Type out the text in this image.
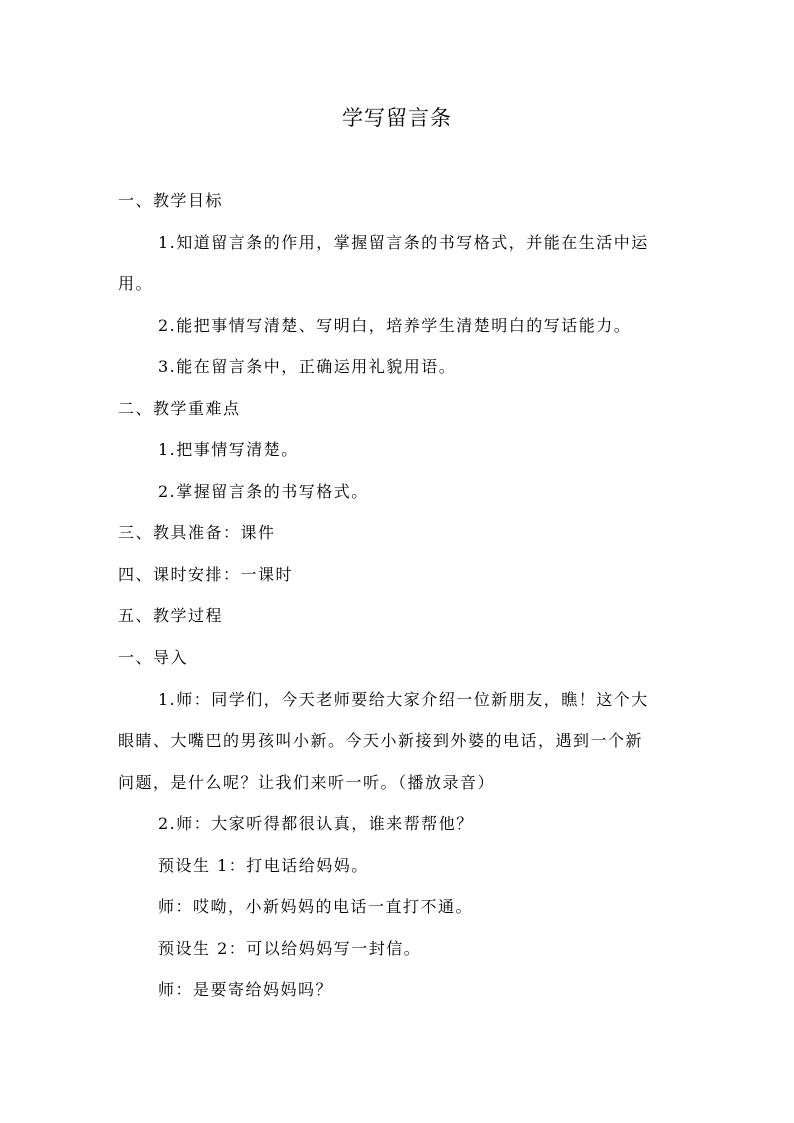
学写留言条
一、教学目标
1.知道留言条的作用，掌握留言条的书写格式，并能在生活中运
用。
2.能把事情写清楚、写明白，培养学生清楚明白的写话能力。
3.能在留言条中，正确运用礼貌用语。
二、教学重难点
1.把事情写清楚。
2.掌握留言条的书写格式。
三、教具准备：课件
四、课时安排：一课时
五、教学过程
一、导入
1.师：同学们，今天老师要给大家介绍一位新朋友，瞧！这个大
眼睛、大嘴巴的男孩叫小新。今天小新接到外婆的电话，遇到一个新
问题，是什么呢？让我们来听一听。（播放录音）
2.师：大家听得都很认真，谁来帮帮他？
预设生 1：打电话给妈妈。
师：哎呦，小新妈妈的电话一直打不通。
预设生 2：可以给妈妈写一封信。
师：是要寄给妈妈吗？
